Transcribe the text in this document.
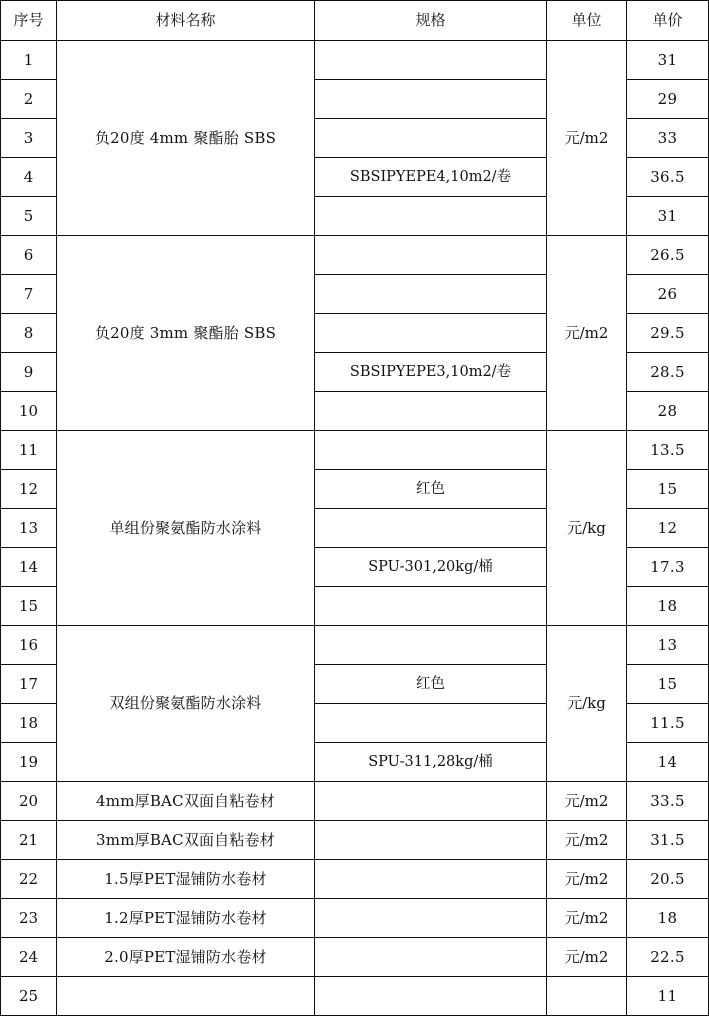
序号	材料名称	规格	单位	单价
1	负20度 4mm 聚酯胎 SBS		元/m2	31
2				29
3				33
4		SBSIPYEPE4,10m2/卷		36.5
5				31
6	负20度 3mm 聚酯胎 SBS		元/m2	26.5
7				26
8				29.5
9		SBSIPYEPE3,10m2/卷		28.5
10				28
11	单组份聚氨酯防水涂料		元/kg	13.5
12		红色		15
13				12
14		SPU-301,20kg/桶		17.3
15				18
16	双组份聚氨酯防水涂料		元/kg	13
17		红色		15
18				11.5
19		SPU-311,28kg/桶		14
20	4mm厚BAC双面自粘卷材		元/m2	33.5
21	3mm厚BAC双面自粘卷材		元/m2	31.5
22	1.5厚PET湿铺防水卷材		元/m2	20.5
23	1.2厚PET湿铺防水卷材		元/m2	18
24	2.0厚PET湿铺防水卷材		元/m2	22.5
25				11
